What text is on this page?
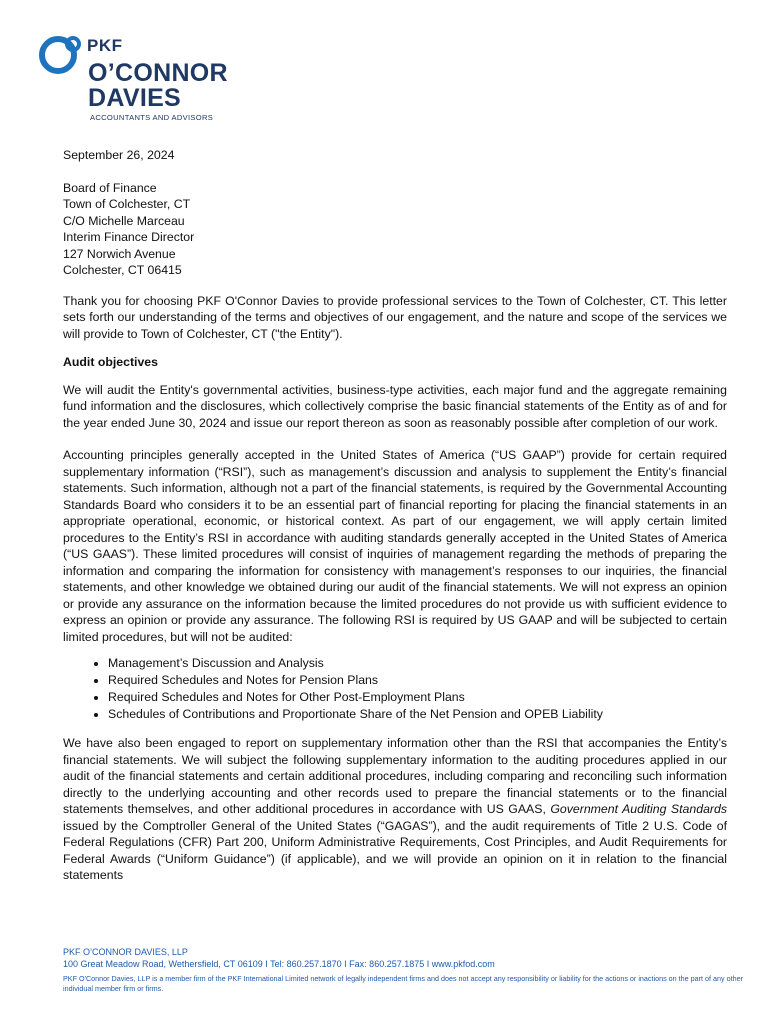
PKF
O’CONNOR
DAVIES
ACCOUNTANTS AND ADVISORS

September 26, 2024

Board of Finance
Town of Colchester, CT
C/O Michelle Marceau
Interim Finance Director
127 Norwich Avenue
Colchester, CT 06415

Thank you for choosing PKF O'Connor Davies to provide professional services to the Town of Colchester, CT. This letter sets forth our understanding of the terms and objectives of our engagement, and the nature and scope of the services we will provide to Town of Colchester, CT ("the Entity").

Audit objectives

We will audit the Entity's governmental activities, business-type activities, each major fund and the aggregate remaining fund information and the disclosures, which collectively comprise the basic financial statements of the Entity as of and for the year ended June 30, 2024 and issue our report thereon as soon as reasonably possible after completion of our work.

Accounting principles generally accepted in the United States of America (“US GAAP”) provide for certain required supplementary information (“RSI”), such as management’s discussion and analysis to supplement the Entity’s financial statements. Such information, although not a part of the financial statements, is required by the Governmental Accounting Standards Board who considers it to be an essential part of financial reporting for placing the financial statements in an appropriate operational, economic, or historical context. As part of our engagement, we will apply certain limited procedures to the Entity’s RSI in accordance with auditing standards generally accepted in the United States of America (“US GAAS”). These limited procedures will consist of inquiries of management regarding the methods of preparing the information and comparing the information for consistency with management’s responses to our inquiries, the financial statements, and other knowledge we obtained during our audit of the financial statements. We will not express an opinion or provide any assurance on the information because the limited procedures do not provide us with sufficient evidence to express an opinion or provide any assurance. The following RSI is required by US GAAP and will be subjected to certain limited procedures, but will not be audited:

• Management’s Discussion and Analysis
• Required Schedules and Notes for Pension Plans
• Required Schedules and Notes for Other Post-Employment Plans
• Schedules of Contributions and Proportionate Share of the Net Pension and OPEB Liability

We have also been engaged to report on supplementary information other than the RSI that accompanies the Entity’s financial statements. We will subject the following supplementary information to the auditing procedures applied in our audit of the financial statements and certain additional procedures, including comparing and reconciling such information directly to the underlying accounting and other records used to prepare the financial statements or to the financial statements themselves, and other additional procedures in accordance with US GAAS, Government Auditing Standards issued by the Comptroller General of the United States (“GAGAS”), and the audit requirements of Title 2 U.S. Code of Federal Regulations (CFR) Part 200, Uniform Administrative Requirements, Cost Principles, and Audit Requirements for Federal Awards (“Uniform Guidance”) (if applicable), and we will provide an opinion on it in relation to the financial statements

PKF O’CONNOR DAVIES, LLP
100 Great Meadow Road, Wethersfield, CT 06109 I Tel: 860.257.1870 I Fax: 860.257.1875 I www.pkfod.com
PKF O'Connor Davies, LLP is a member firm of the PKF International Limited network of legally independent firms and does not accept any responsibility or liability for the actions or inactions on the part of any other individual member firm or firms.
